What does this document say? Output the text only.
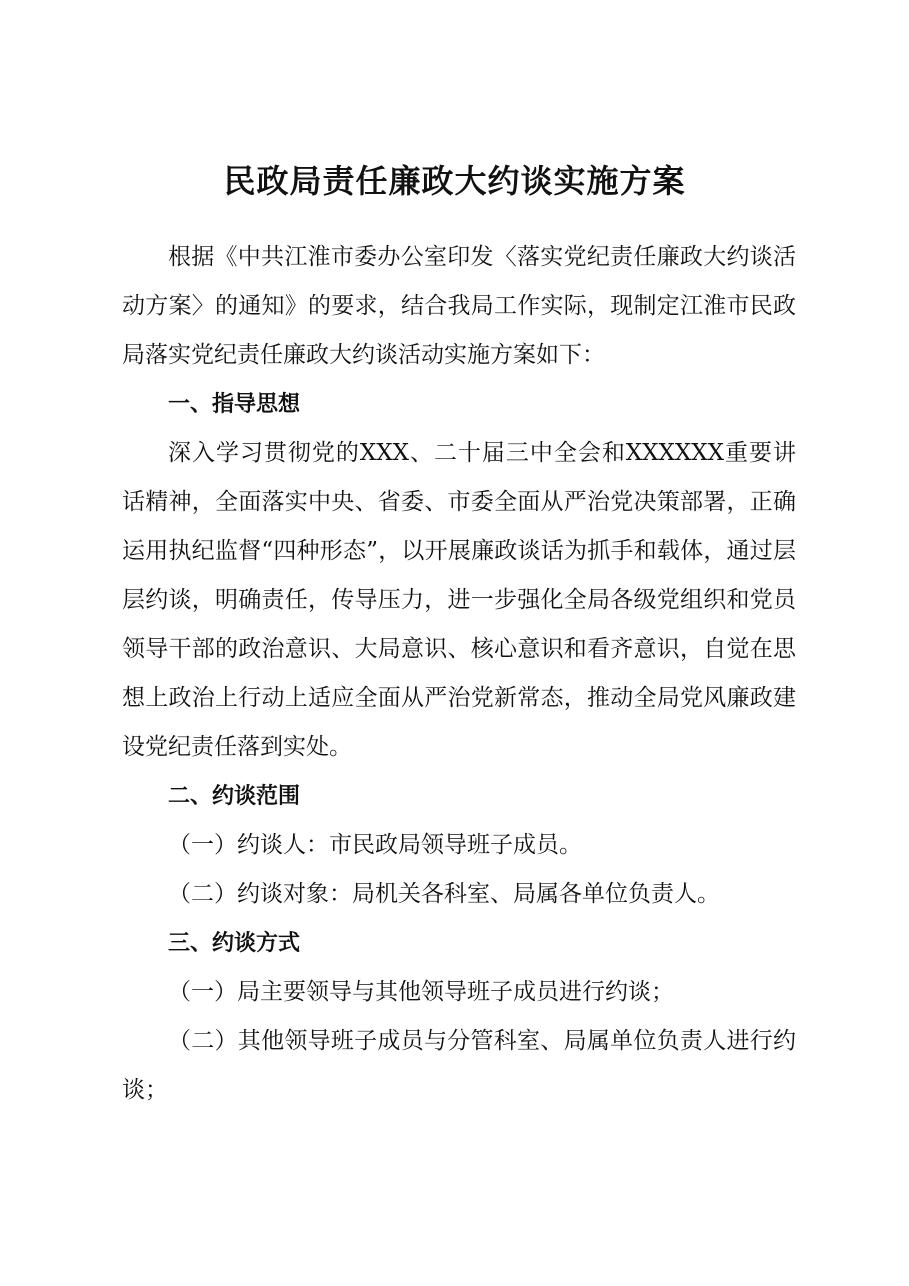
民政局责任廉政大约谈实施方案

根据《中共江淮市委办公室印发〈落实党纪责任廉政大约谈活动方案〉的通知》的要求，结合我局工作实际，现制定江淮市民政局落实党纪责任廉政大约谈活动实施方案如下：

一、指导思想

深入学习贯彻党的XXX、二十届三中全会和XXXXXX重要讲话精神，全面落实中央、省委、市委全面从严治党决策部署，正确运用执纪监督“四种形态”，以开展廉政谈话为抓手和载体，通过层层约谈，明确责任，传导压力，进一步强化全局各级党组织和党员领导干部的政治意识、大局意识、核心意识和看齐意识，自觉在思想上政治上行动上适应全面从严治党新常态，推动全局党风廉政建设党纪责任落到实处。

二、约谈范围

（一）约谈人：市民政局领导班子成员。

（二）约谈对象：局机关各科室、局属各单位负责人。

三、约谈方式

（一）局主要领导与其他领导班子成员进行约谈；

（二）其他领导班子成员与分管科室、局属单位负责人进行约谈；
